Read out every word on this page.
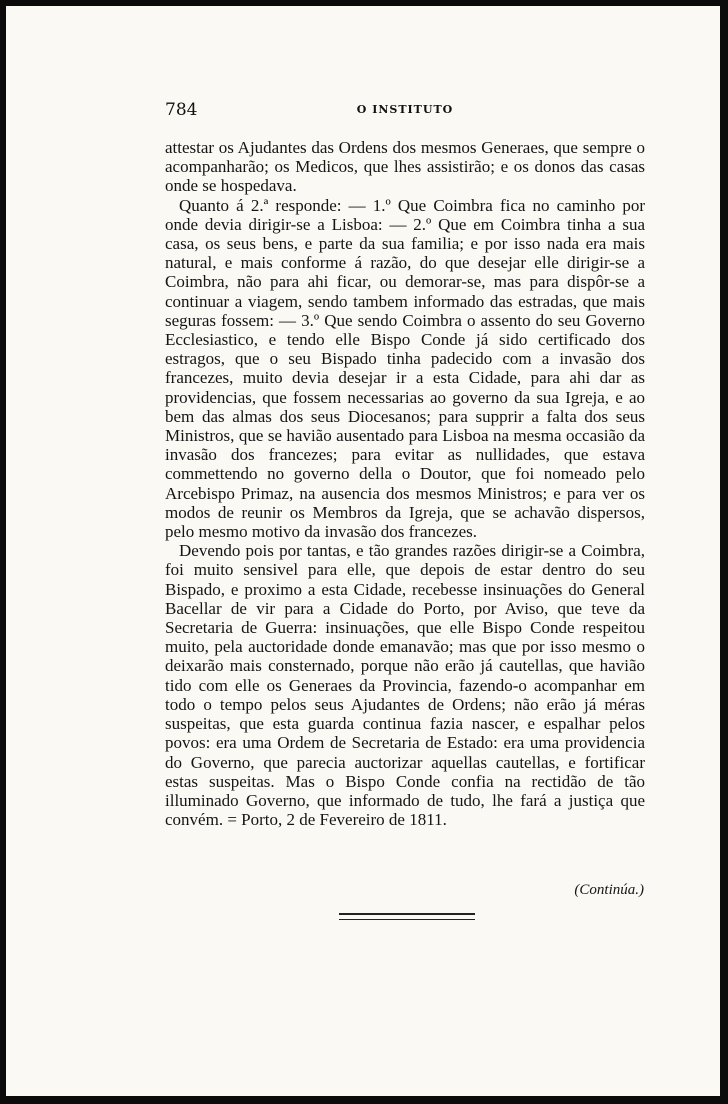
784	O INSTITUTO

attestar os Ajudantes das Ordens dos mesmos Generaes, que sempre o acompanharão; os Medicos, que lhes assistirão; e os donos das casas onde se hospedava.

Quanto á 2.ª responde: — 1.º Que Coimbra fica no caminho por onde devia dirigir-se a Lisboa: — 2.º Que em Coimbra tinha a sua casa, os seus bens, e parte da sua familia; e por isso nada era mais natural, e mais conforme á razão, do que desejar elle dirigir-se a Coimbra, não para ahi ficar, ou demorar-se, mas para dispôr-se a continuar a viagem, sendo tambem informado das estradas, que mais seguras fossem: — 3.º Que sendo Coimbra o assento do seu Governo Ecclesiastico, e tendo elle Bispo Conde já sido certificado dos estragos, que o seu Bispado tinha padecido com a invasão dos francezes, muito devia desejar ir a esta Cidade, para ahi dar as providencias, que fossem necessarias ao governo da sua Igreja, e ao bem das almas dos seus Diocesanos; para supprir a falta dos seus Ministros, que se havião ausentado para Lisboa na mesma occasião da invasão dos francezes; para evitar as nullidades, que estava commettendo no governo della o Doutor, que foi nomeado pelo Arcebispo Primaz, na ausencia dos mesmos Ministros; e para ver os modos de reunir os Membros da Igreja, que se achavão dispersos, pelo mesmo motivo da invasão dos francezes.

Devendo pois por tantas, e tão grandes razões dirigir-se a Coimbra, foi muito sensivel para elle, que depois de estar dentro do seu Bispado, e proximo a esta Cidade, recebesse insinuações do General Bacellar de vir para a Cidade do Porto, por Aviso, que teve da Secretaria de Guerra: insinuações, que elle Bispo Conde respeitou muito, pela auctoridade donde emanavão; mas que por isso mesmo o deixarão mais consternado, porque não erão já cautellas, que havião tido com elle os Generaes da Provincia, fazendo-o acompanhar em todo o tempo pelos seus Ajudantes de Ordens; não erão já méras suspeitas, que esta guarda continua fazia nascer, e espalhar pelos povos: era uma Ordem de Secretaria de Estado: era uma providencia do Governo, que parecia auctorizar aquellas cautellas, e fortificar estas suspeitas. Mas o Bispo Conde confia na rectidão de tão illuminado Governo, que informado de tudo, lhe fará a justiça que convém. = Porto, 2 de Fevereiro de 1811.

(Continúa.)
